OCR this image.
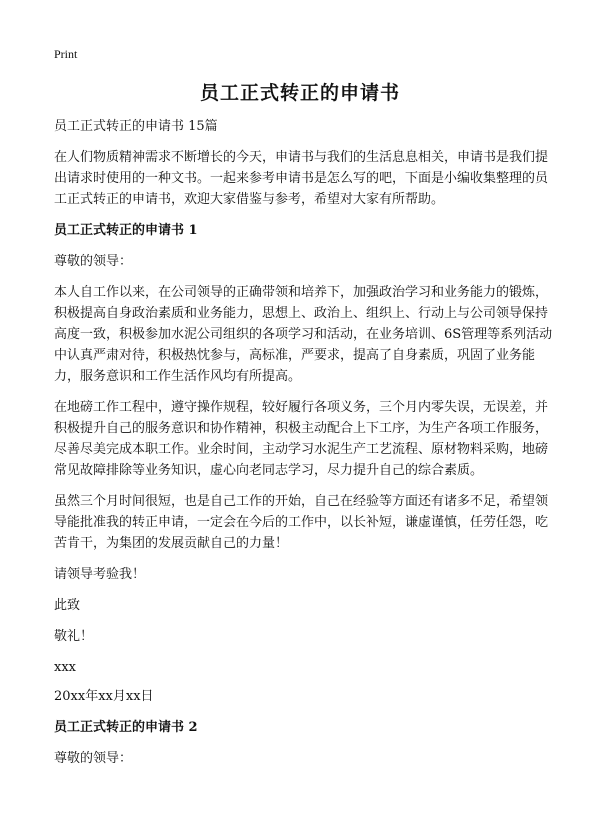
Print
员工正式转正的申请书

员工正式转正的申请书 15篇

在人们物质精神需求不断增长的今天，申请书与我们的生活息息相关，申请书是我们提出请求时使用的一种文书。一起来参考申请书是怎么写的吧，下面是小编收集整理的员工正式转正的申请书，欢迎大家借鉴与参考，希望对大家有所帮助。

员工正式转正的申请书 1

尊敬的领导：

本人自工作以来，在公司领导的正确带领和培养下，加强政治学习和业务能力的锻炼，积极提高自身政治素质和业务能力，思想上、政治上、组织上、行动上与公司领导保持高度一致，积极参加水泥公司组织的各项学习和活动，在业务培训、6S管理等系列活动中认真严肃对待，积极热忱参与，高标准，严要求，提高了自身素质，巩固了业务能力，服务意识和工作生活作风均有所提高。

在地磅工作工程中，遵守操作规程，较好履行各项义务，三个月内零失误，无误差，并积极提升自己的服务意识和协作精神，积极主动配合上下工序，为生产各项工作服务，尽善尽美完成本职工作。业余时间，主动学习水泥生产工艺流程、原材物料采购，地磅常见故障排除等业务知识，虚心向老同志学习，尽力提升自己的综合素质。

虽然三个月时间很短，也是自己工作的开始，自己在经验等方面还有诸多不足，希望领导能批准我的转正申请，一定会在今后的工作中，以长补短，谦虚谨慎，任劳任怨，吃苦肯干，为集团的发展贡献自己的力量！

请领导考验我！

此致

敬礼！

xxx

20xx年xx月xx日

员工正式转正的申请书 2

尊敬的领导：
